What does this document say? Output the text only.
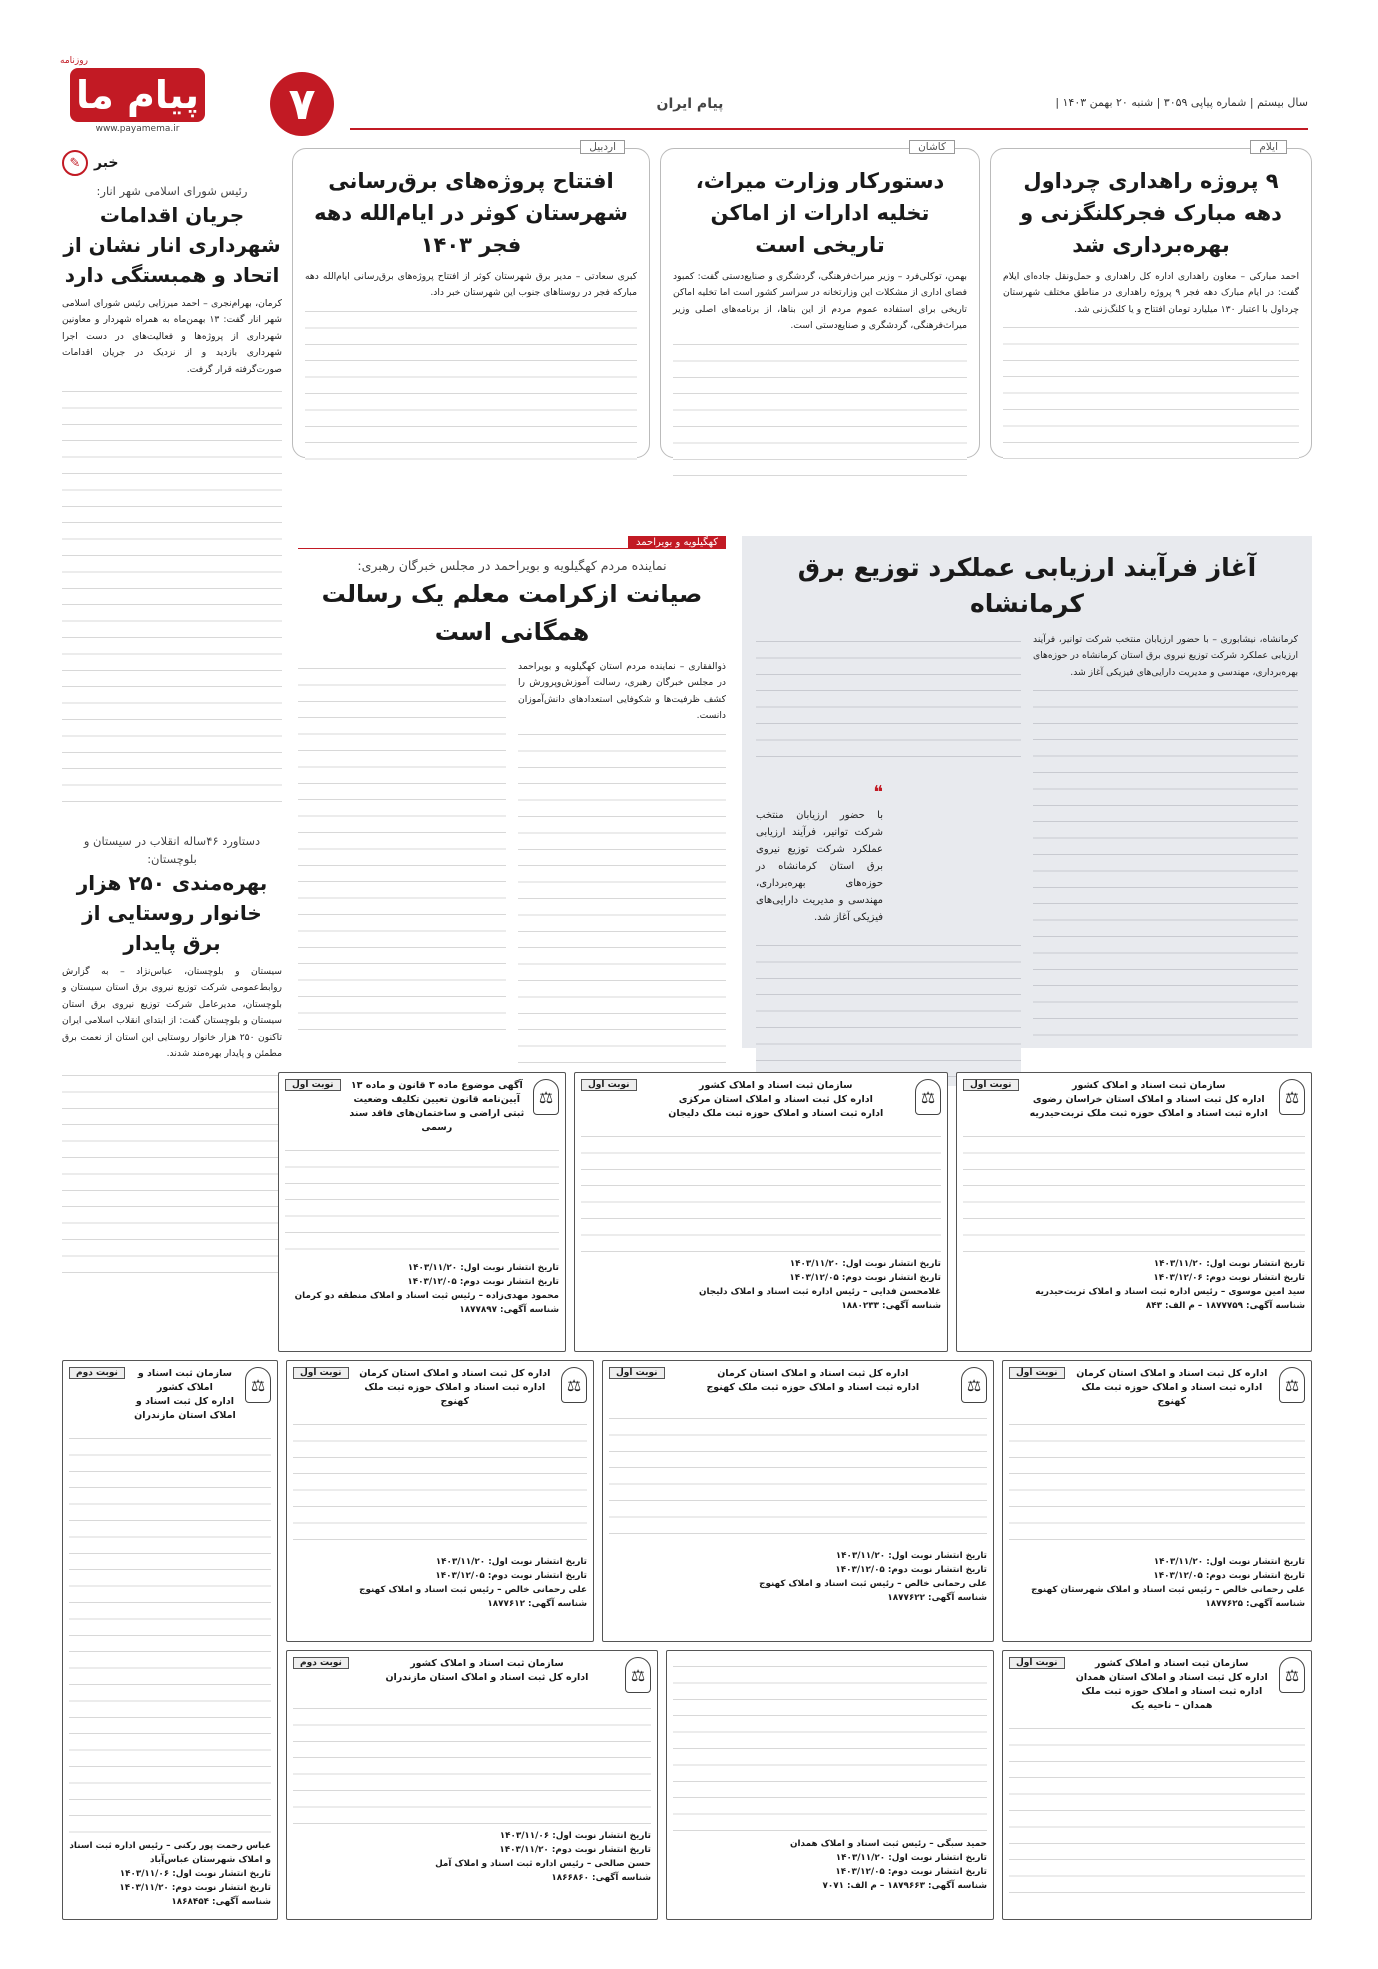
پیام ما
روزنامه
www.payamema.ir	۷	پیام ایران	سال بیستم | شماره پیاپی ۳۰۵۹ | شنبه ۲۰ بهمن ۱۴۰۳ |
✎ خبر
رئیس شورای اسلامی شهر انار:
جریان اقدامات شهرداری انار نشان از اتحاد و همبستگی دارد
کرمان، بهرام‌نجری – احمد میرزایی رئیس شورای اسلامی شهر انار گفت: ۱۳ بهمن‌ماه به همراه شهردار و معاونین شهرداری از پروژه‌ها و فعالیت‌های در دست اجرا شهرداری بازدید و از نزدیک در جریان اقدامات صورت‌گرفته قرار گرفت.
دستاورد ۴۶ساله انقلاب در سیستان و بلوچستان:
بهره‌مندی ۲۵۰ هزار خانوار روستایی از برق پایدار
سیستان و بلوچستان، عباس‌نژاد – به گزارش روابط‌عمومی شرکت توزیع نیروی برق استان سیستان و بلوچستان، مدیرعامل شرکت توزیع نیروی برق استان سیستان و بلوچستان گفت: از ابتدای انقلاب اسلامی ایران تاکنون ۲۵۰ هزار خانوار روستایی این استان از نعمت برق مطمئن و پایدار بهره‌مند شدند.
ایلام
۹ پروژه راهداری چرداول دهه مبارک فجرکلنگزنی و بهره‌برداری شد
احمد مبارکی – معاون راهداری اداره کل راهداری و حمل‌ونقل جاده‌ای ایلام گفت: در ایام مبارک دهه فجر ۹ پروژه راهداری در مناطق مختلف شهرستان چرداول با اعتبار ۱۳۰ میلیارد تومان افتتاح و یا کلنگ‌زنی شد.
کاشان
دستورکار وزارت میراث، تخلیه ادارات از اماکن تاریخی است
بهمن، توکلی‌فرد – وزیر میراث‌فرهنگی، گردشگری و صنایع‌دستی گفت: کمبود فضای اداری از مشکلات این وزارتخانه در سراسر کشور است اما تخلیه اماکن تاریخی برای استفاده عموم مردم از این بناها، از برنامه‌های اصلی وزیر میراث‌فرهنگی، گردشگری و صنایع‌دستی است.
اردبیل
افتتاح پروژه‌های برق‌رسانی شهرستان کوثر در ایام‌الله دهه فجر ۱۴۰۳
کبری سعادتی – مدیر برق شهرستان کوثر از افتتاح پروژه‌های برق‌رسانی ایام‌الله دهه مبارکه فجر در روستاهای جنوب این شهرستان خبر داد.
آغاز فرآیند ارزیابی عملکرد توزیع برق کرمانشاه
کرمانشاه، نیشابوری – با حضور ارزیابان منتخب شرکت توانیر، فرآیند ارزیابی عملکرد شرکت توزیع نیروی برق استان کرمانشاه در حوزه‌های بهره‌برداری، مهندسی و مدیریت دارایی‌های فیزیکی آغاز شد.
❝
با حضور ارزیابان منتخب شرکت توانیر، فرآیند ارزیابی عملکرد شرکت توزیع نیروی برق استان کرمانشاه در حوزه‌های بهره‌برداری، مهندسی و مدیریت دارایی‌های فیزیکی آغاز شد.
کهگیلویه و بویراحمد
نماینده مردم کهگیلویه و بویراحمد در مجلس خبرگان رهبری:
صیانت ازکرامت معلم یک رسالت همگانی است
ذوالفقاری – نماینده مردم استان کهگیلویه و بویراحمد در مجلس خبرگان رهبری، رسالت آموزش‌وپرورش را کشف ظرفیت‌ها و شکوفایی استعدادهای دانش‌آموزان دانست.
⚖
سازمان ثبت اسناد و املاک کشور
اداره کل ثبت اسناد و املاک استان خراسان رضوی
اداره ثبت اسناد و املاک حوزه ثبت ملک تربت‌حیدریه
نوبت اول
تاریخ انتشار نوبت اول: ۱۴۰۳/۱۱/۲۰
تاریخ انتشار نوبت دوم: ۱۴۰۳/۱۲/۰۶
سید امین موسوی – رئیس اداره ثبت اسناد و املاک تربت‌حیدریه
شناسه آگهی: ۱۸۷۷۷۵۹ – م الف: ۸۴۳
⚖
سازمان ثبت اسناد و املاک کشور
اداره کل ثبت اسناد و املاک استان مرکزی
اداره ثبت اسناد و املاک حوزه ثبت ملک دلیجان
نوبت اول
تاریخ انتشار نوبت اول: ۱۴۰۳/۱۱/۲۰
تاریخ انتشار نوبت دوم: ۱۴۰۳/۱۲/۰۵
غلامحسن فدایی – رئیس اداره ثبت اسناد و املاک دلیجان
شناسه آگهی: ۱۸۸۰۲۳۳
⚖
آگهی موضوع ماده ۳ قانون و ماده ۱۳ آیین‌نامه قانون تعیین تکلیف وضعیت ثبتی اراضی و ساختمان‌های فاقد سند رسمی
نوبت اول
تاریخ انتشار نوبت اول: ۱۴۰۳/۱۱/۲۰
تاریخ انتشار نوبت دوم: ۱۴۰۳/۱۲/۰۵
محمود مهدی‌زاده – رئیس ثبت اسناد و املاک منطقه دو کرمان
شناسه آگهی: ۱۸۷۷۸۹۷
⚖
اداره کل ثبت اسناد و املاک استان کرمان
اداره ثبت اسناد و املاک حوزه ثبت ملک کهنوج
نوبت اول
تاریخ انتشار نوبت اول: ۱۴۰۳/۱۱/۲۰
تاریخ انتشار نوبت دوم: ۱۴۰۳/۱۲/۰۵
علی رحمانی خالص – رئیس ثبت اسناد و املاک شهرستان کهنوج
شناسه آگهی: ۱۸۷۷۶۲۵
⚖
اداره کل ثبت اسناد و املاک استان کرمان
اداره ثبت اسناد و املاک حوزه ثبت ملک کهنوج
نوبت اول
تاریخ انتشار نوبت اول: ۱۴۰۳/۱۱/۲۰
تاریخ انتشار نوبت دوم: ۱۴۰۳/۱۲/۰۵
علی رحمانی خالص – رئیس ثبت اسناد و املاک کهنوج
شناسه آگهی: ۱۸۷۷۶۲۲
⚖
اداره کل ثبت اسناد و املاک استان کرمان
اداره ثبت اسناد و املاک حوزه ثبت ملک کهنوج
نوبت اول
تاریخ انتشار نوبت اول: ۱۴۰۳/۱۱/۲۰
تاریخ انتشار نوبت دوم: ۱۴۰۳/۱۲/۰۵
علی رحمانی خالص – رئیس ثبت اسناد و املاک کهنوج
شناسه آگهی: ۱۸۷۷۶۱۲
⚖
سازمان ثبت اسناد و املاک کشور
اداره کل ثبت اسناد و املاک استان مازندران
نوبت دوم
عباس رحمت پور رکنی – رئیس اداره ثبت اسناد و املاک شهرستان عباس‌آباد
تاریخ انتشار نوبت اول: ۱۴۰۳/۱۱/۰۶
تاریخ انتشار نوبت دوم: ۱۴۰۳/۱۱/۲۰
شناسه آگهی: ۱۸۶۸۴۵۴
⚖
سازمان ثبت اسناد و املاک کشور
اداره کل ثبت اسناد و املاک استان همدان
اداره ثبت اسناد و املاک حوزه ثبت ملک همدان – ناحیه یک
نوبت اول
حمید سبگی – رئیس ثبت اسناد و املاک همدان
تاریخ انتشار نوبت اول: ۱۴۰۳/۱۱/۲۰
تاریخ انتشار نوبت دوم: ۱۴۰۳/۱۲/۰۵
شناسه آگهی: ۱۸۷۹۶۶۳ – م الف: ۷۰۷۱
⚖
سازمان ثبت اسناد و املاک کشور
اداره کل ثبت اسناد و املاک استان مازندران
نوبت دوم
تاریخ انتشار نوبت اول: ۱۴۰۳/۱۱/۰۶
تاریخ انتشار نوبت دوم: ۱۴۰۳/۱۱/۲۰
حسن صالحی – رئیس اداره ثبت اسناد و املاک آمل
شناسه آگهی: ۱۸۶۶۸۶۰
